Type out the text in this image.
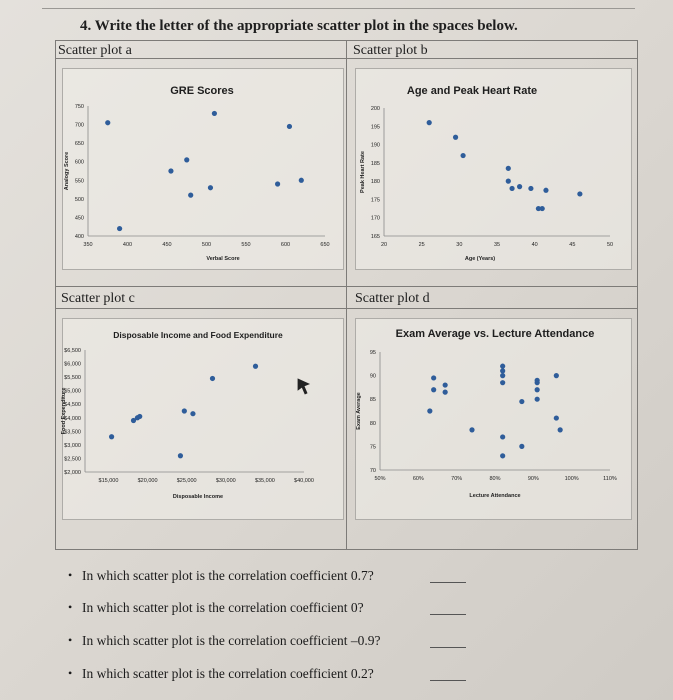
4. Write the letter of the appropriate scatter plot in the spaces below.
Scatter plot a	Scatter plot b
Scatter plot c	Scatter plot d
GRE Scores
350	400	450	500	550	600	650
400
450
500
550
600
650
700
750
Verbal Score
Analogy Score
Age and Peak Heart Rate
20	25	30	35	40	45	50
165
170
175
180
185
190
195
200
Age (Years)
Peak Heart Rate
Disposable Income and Food Expenditure
$15,000	$20,000	$25,000	$30,000	$35,000	$40,000
$2,000
$2,500
$3,000
$3,500
$4,000
$4,500
$5,000
$5,500
$6,000
$6,500
Disposable Income
Food Expenditure
Exam Average vs. Lecture Attendance
50%	60%	70%	80%	90%	100%	110%
70
75
80
85
90
95
Lecture Attendance
Exam Average
• In which scatter plot is the correlation coefficient 0.7?
• In which scatter plot is the correlation coefficient 0?
• In which scatter plot is the correlation coefficient –0.9?
• In which scatter plot is the correlation coefficient 0.2?
